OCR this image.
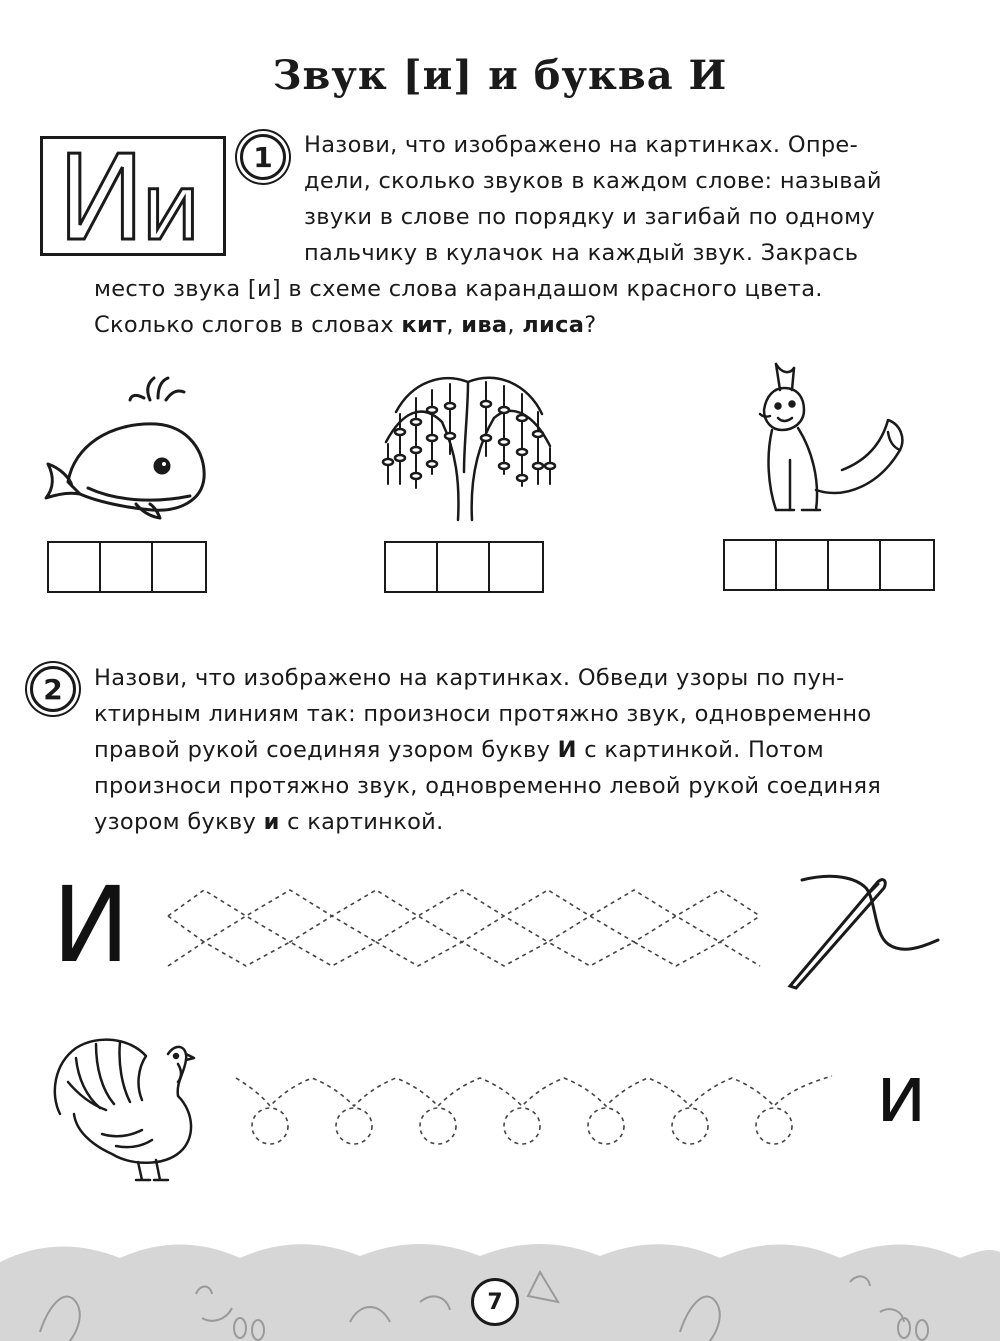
Звук [и] и буква И
И
и	1	Назови, что изображено на картинках. Опре-
дели, сколько звуков в каждом слове: называй
звуки в слове по порядку и загибай по одному
пальчику в кулачок на каждый звук. Закрась

место звука [и] в схеме слова карандашом красного цвета.
Сколько слогов в словах кит, ива, лиса?

2	Назови, что изображено на картинках. Обведи узоры по пун-
ктирным линиям так: произноси протяжно звук, одновременно
правой рукой соединяя узором букву И с картинкой. Потом
произноси протяжно звук, одновременно левой рукой соединяя
узором букву и с картинкой.

И
и
7
